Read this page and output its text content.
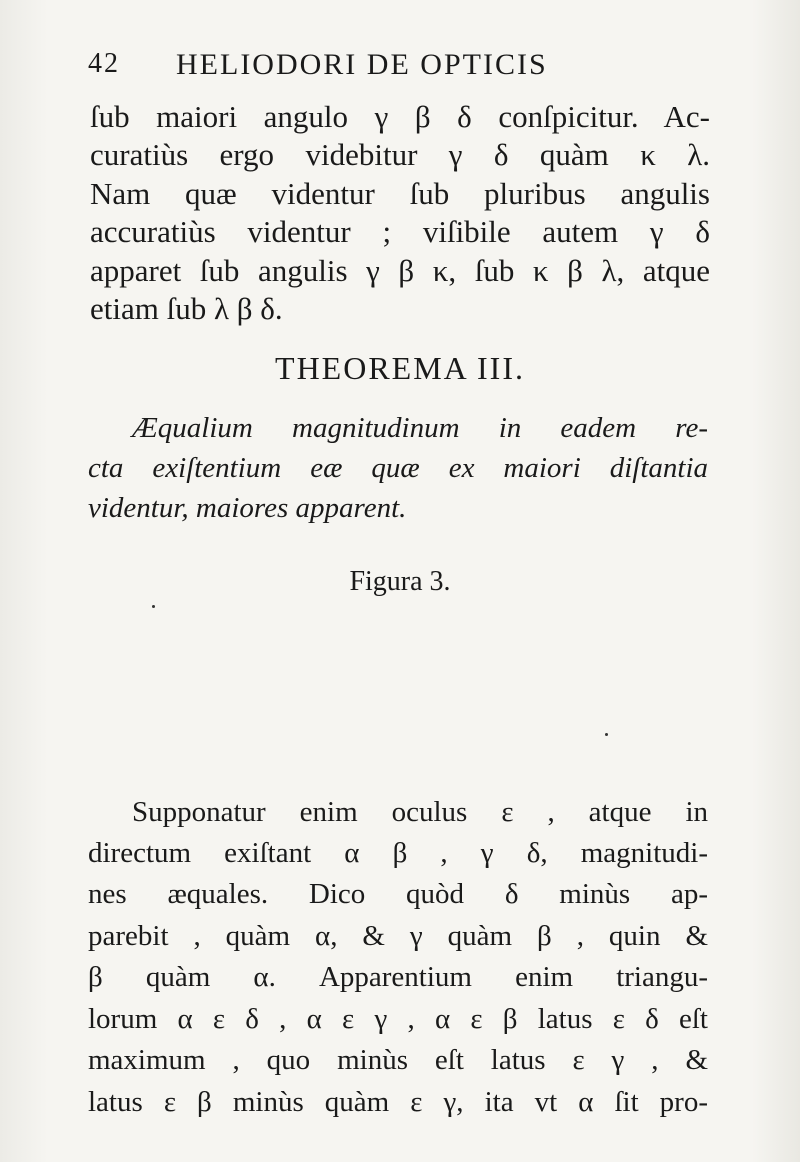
42 HELIODORI DE OPTICIS
ſub maiori angulo γ β δ conſpicitur. Ac-
curatiùs ergo videbitur γ δ quàm κ λ.
Nam quæ videntur ſub pluribus angulis
accuratiùs videntur ; viſibile autem γ δ
apparet ſub angulis γ β κ, ſub κ β λ, atque
etiam ſub λ β δ.
THEOREMA III.
Æqualium magnitudinum in eadem re-
cta exiſtentium eæ quæ ex maiori diſtantia
videntur, maiores apparent.
Figura 3.
Supponatur enim oculus ε , atque in
directum exiſtant α β , γ δ, magnitudi-
nes æquales. Dico quòd δ minùs ap-
parebit , quàm α, & γ quàm β , quin &
β quàm α. Apparentium enim triangu-
lorum α ε δ , α ε γ , α ε β latus ε δ eſt
maximum , quo minùs eſt latus ε γ , &
latus ε β minùs quàm ε γ, ita vt α ſit pro-
